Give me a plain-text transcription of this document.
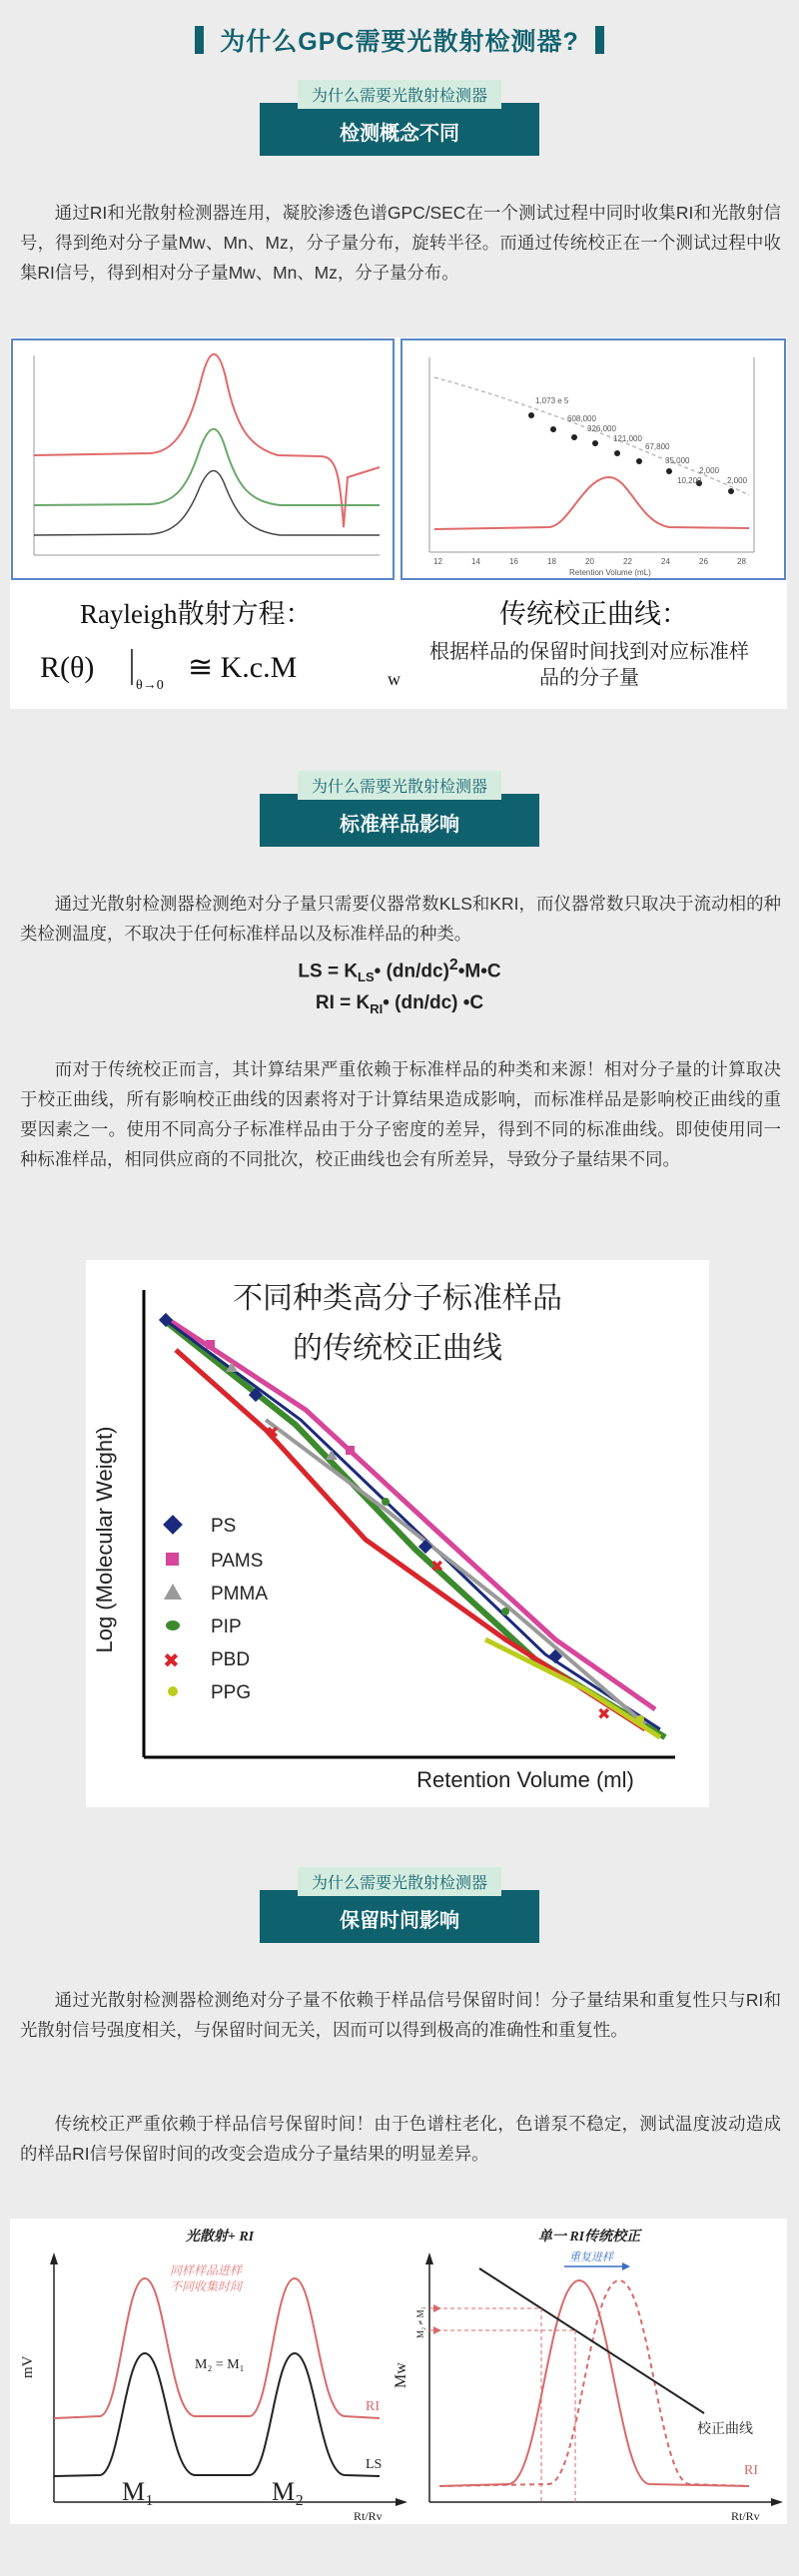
为什么GPC需要光散射检测器?
为什么需要光散射检测器
检测概念不同
通过RI和光散射检测器连用，凝胶渗透色谱GPC/SEC在一个测试过程中同时收集RI和光散射信号，得到绝对分子量Mw、Mn、Mz，分子量分布，旋转半径。而通过传统校正在一个测试过程中收集RI信号，得到相对分子量Mw、Mn、Mz，分子量分布。
1,073 e 5
608,000
326,000
121,000
67,800
35,000
10,200
2,000
2,000
12	14	16	18	20	22	24	26	28
Retention Volume (mL)
Rayleigh散射方程：
R(θ)
θ→0
≅ K.c.M	w
传统校正曲线：
根据样品的保留时间找到对应标准样品的分子量
为什么需要光散射检测器
标准样品影响
通过光散射检测器检测绝对分子量只需要仪器常数KLS和KRI，而仪器常数只取决于流动相的种类检测温度，不取决于任何标准样品以及标准样品的种类。
LS = $K_{LS}•$ $(dn/dc)^2•M•C$
RI = $K_{RI}•$ (dn/dc) •C
而对于传统校正而言，其计算结果严重依赖于标准样品的种类和来源！相对分子量的计算取决于校正曲线，所有影响校正曲线的因素将对于计算结果造成影响，而标准样品是影响校正曲线的重要因素之一。使用不同高分子标准样品由于分子密度的差异，得到不同的标准曲线。即使使用同一种标准样品，相同供应商的不同批次，校正曲线也会有所差异，导致分子量结果不同。
不同种类高分子标准样品
的传统校正曲线
Log (Molecular Weight)
Retention Volume (ml)
✖
✖
✖
PS
PAMS
PMMA
PIP
✖ PBD
PPG
为什么需要光散射检测器
保留时间影响
通过光散射检测器检测绝对分子量不依赖于样品信号保留时间！分子量结果和重复性只与RI和光散射信号强度相关，与保留时间无关，因而可以得到极高的准确性和重复性。
传统校正严重依赖于样品信号保留时间！由于色谱柱老化，色谱泵不稳定，测试温度波动造成的样品RI信号保留时间的改变会造成分子量结果的明显差异。
光散射+ RI
mV
同样样品进样
不同收集时间
M₂ = M₁
RI
LS
M₁	M₂
Rt/Rv
单一 RI传统校正
Mw
M₂ ≠ M₁
重复进样
校正曲线
RI
Rt/Rv
